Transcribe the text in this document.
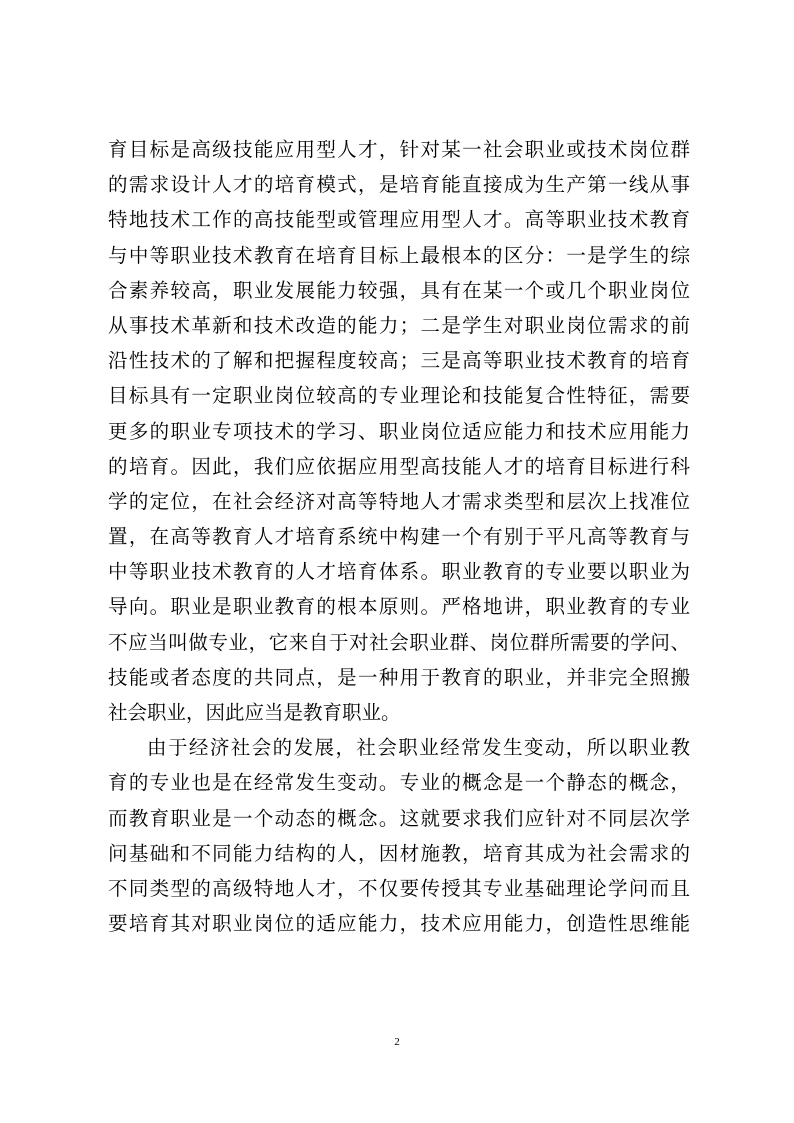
育目标是高级技能应用型人才，针对某一社会职业或技术岗位群
的需求设计人才的培育模式，是培育能直接成为生产第一线从事
特地技术工作的高技能型或管理应用型人才。高等职业技术教育
与中等职业技术教育在培育目标上最根本的区分：一是学生的综
合素养较高，职业发展能力较强，具有在某一个或几个职业岗位
从事技术革新和技术改造的能力；二是学生对职业岗位需求的前
沿性技术的了解和把握程度较高；三是高等职业技术教育的培育
目标具有一定职业岗位较高的专业理论和技能复合性特征，需要
更多的职业专项技术的学习、职业岗位适应能力和技术应用能力
的培育。因此，我们应依据应用型高技能人才的培育目标进行科
学的定位，在社会经济对高等特地人才需求类型和层次上找准位
置，在高等教育人才培育系统中构建一个有别于平凡高等教育与
中等职业技术教育的人才培育体系。职业教育的专业要以职业为
导向。职业是职业教育的根本原则。严格地讲，职业教育的专业
不应当叫做专业，它来自于对社会职业群、岗位群所需要的学问、
技能或者态度的共同点，是一种用于教育的职业，并非完全照搬
社会职业，因此应当是教育职业。
由于经济社会的发展，社会职业经常发生变动，所以职业教
育的专业也是在经常发生变动。专业的概念是一个静态的概念，
而教育职业是一个动态的概念。这就要求我们应针对不同层次学
问基础和不同能力结构的人，因材施教，培育其成为社会需求的
不同类型的高级特地人才，不仅要传授其专业基础理论学问而且
要培育其对职业岗位的适应能力，技术应用能力，创造性思维能
2
